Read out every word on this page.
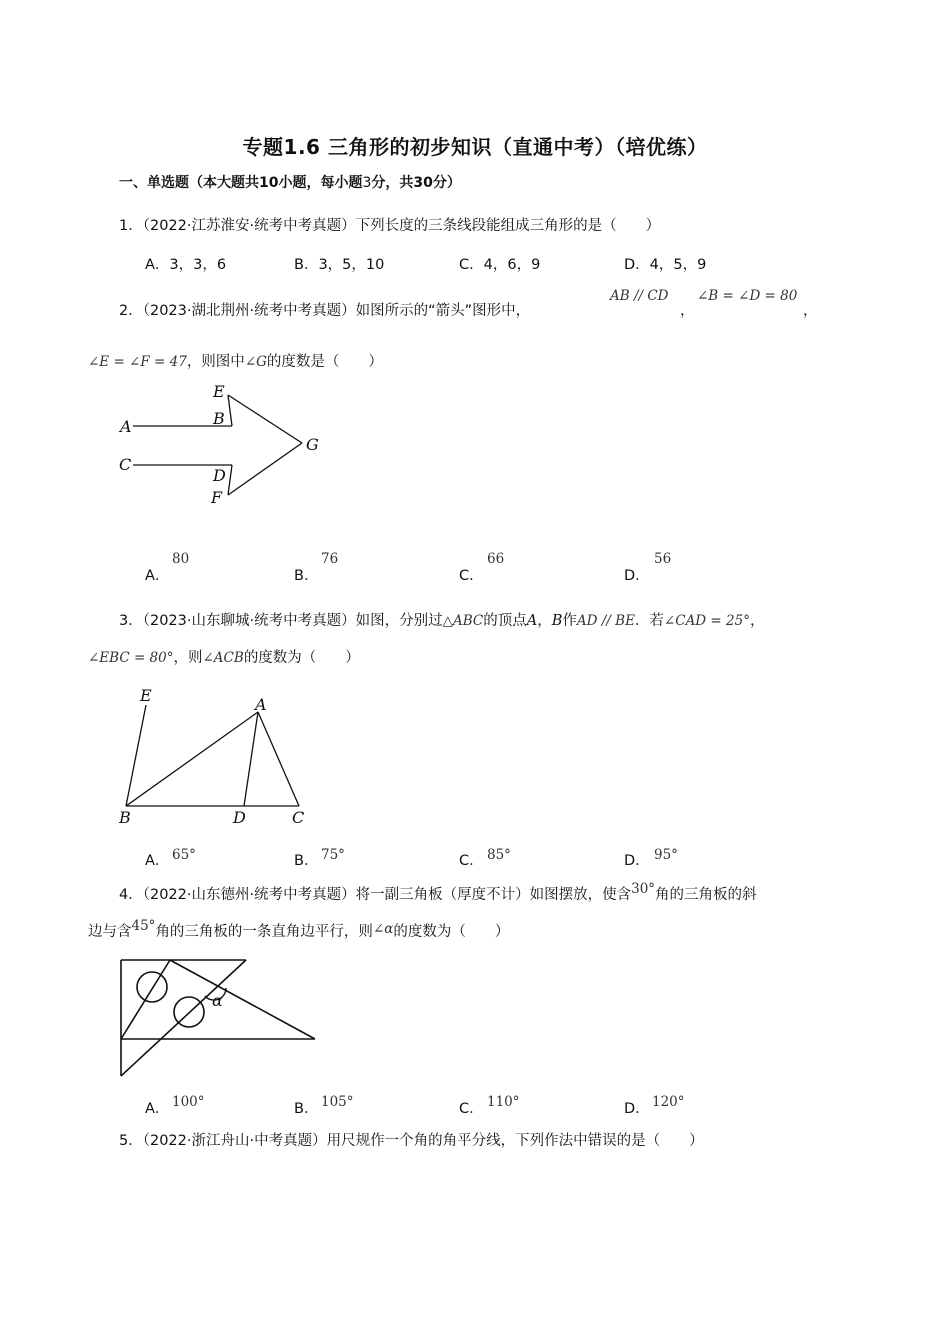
专题1.6 三角形的初步知识（直通中考）（培优练）
一、单选题（本大题共10小题，每小题3分，共30分）
1．（2022·江苏淮安·统考中考真题）下列长度的三条线段能组成三角形的是（　　）
A．3，3，6	B．3，5，10	C．4，6，9	D．4，5，9
2．（2023·湖北荆州·统考中考真题）如图所示的“箭头”图形中，
AB // CD
，
∠B = ∠D = 80
，
∠E = ∠F = 47，则图中∠G的度数是（　　）
E
B
A
G
C
D
F
A．
80
B．
76
C．
66
D．
56
3．（2023·山东聊城·统考中考真题）如图，分别过△ABC的顶点A，B作AD // BE．若∠CAD = 25°，
∠EBC = 80°，则∠ACB的度数为（　　）
E	A
B	D	C
A． 65°	B． 75°	C． 85°	D． 95°
4．（2022·山东德州·统考中考真题）将一副三角板（厚度不计）如图摆放，使含30°角的三角板的斜
边与含45°角的三角板的一条直角边平行，则∠α的度数为（　　）
α
A． 100°	B． 105°	C． 110°	D． 120°
5．（2022·浙江舟山·中考真题）用尺规作一个角的角平分线，下列作法中错误的是（　　）
